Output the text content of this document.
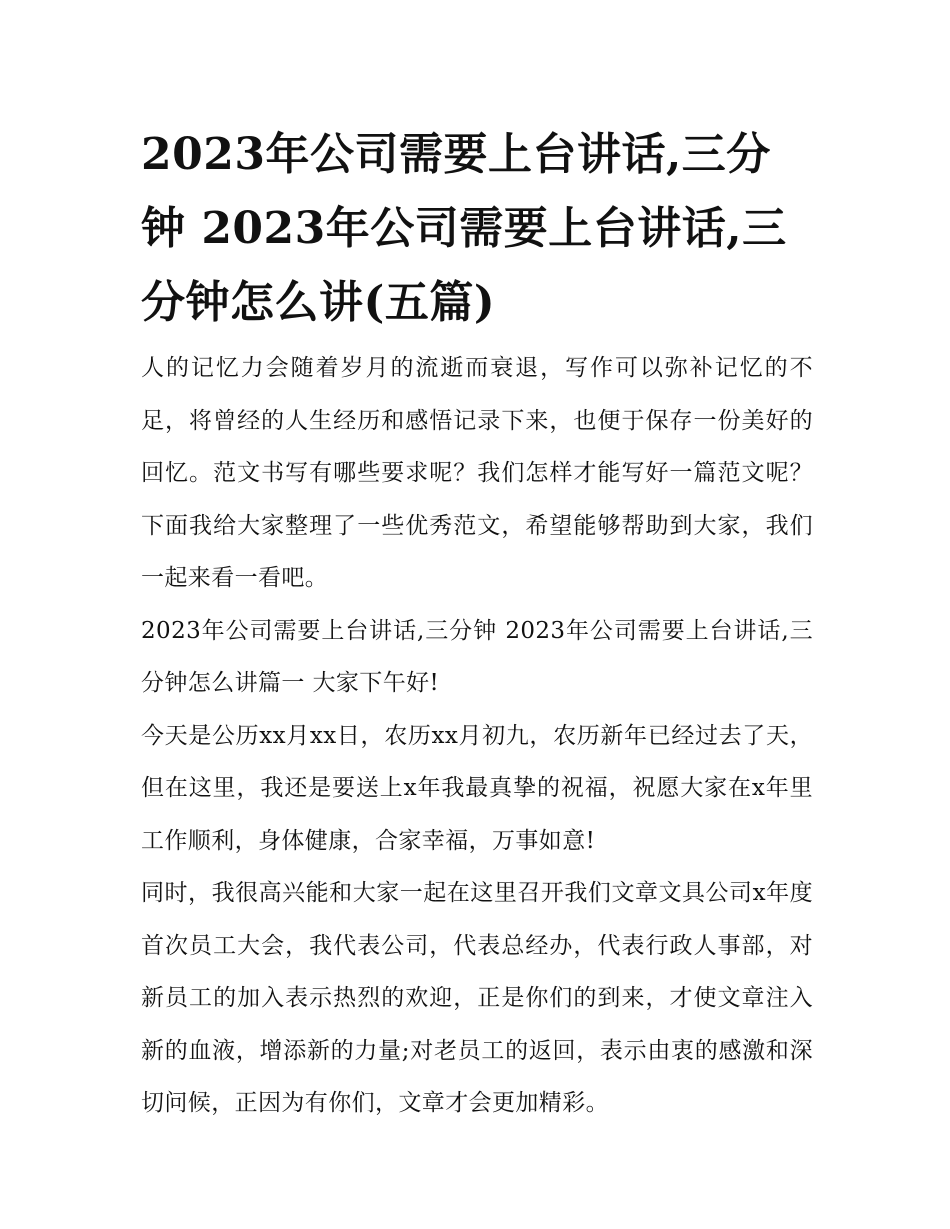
2023年公司需要上台讲话,三分钟 2023年公司需要上台讲话,三分钟怎么讲(五篇)

人的记忆力会随着岁月的流逝而衰退，写作可以弥补记忆的不足，将曾经的人生经历和感悟记录下来，也便于保存一份美好的回忆。范文书写有哪些要求呢？我们怎样才能写好一篇范文呢？下面我给大家整理了一些优秀范文，希望能够帮助到大家，我们一起来看一看吧。

2023年公司需要上台讲话,三分钟 2023年公司需要上台讲话,三分钟怎么讲篇一 大家下午好!

今天是公历xx月xx日，农历xx月初九，农历新年已经过去了天，但在这里，我还是要送上x年我最真挚的祝福，祝愿大家在x年里工作顺利，身体健康，合家幸福，万事如意!

同时，我很高兴能和大家一起在这里召开我们文章文具公司x年度首次员工大会，我代表公司，代表总经办，代表行政人事部，对新员工的加入表示热烈的欢迎，正是你们的到来，才使文章注入新的血液，增添新的力量;对老员工的返回，表示由衷的感激和深切问候，正因为有你们，文章才会更加精彩。
